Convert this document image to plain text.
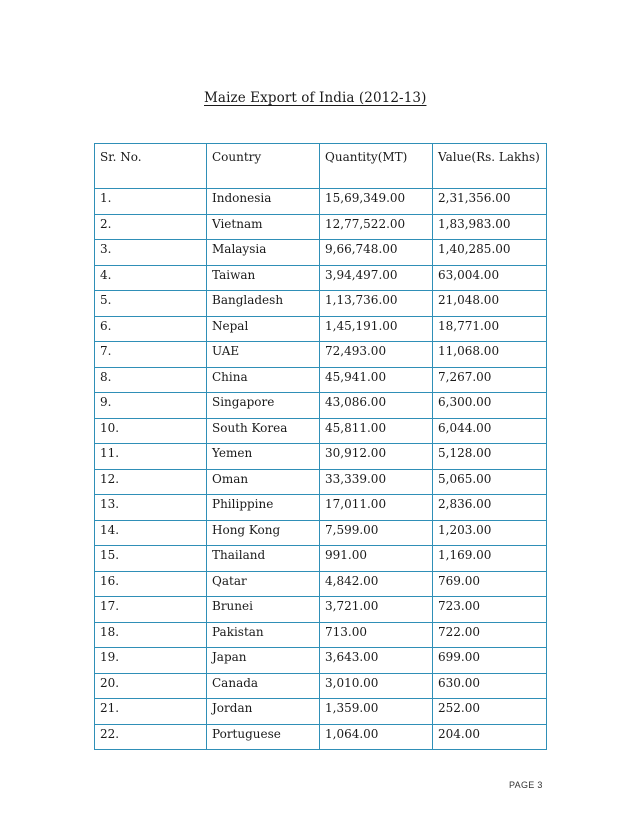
Maize Export of India (2012-13)
Sr. No.	Country	Quantity(MT)	Value(Rs. Lakhs)
1.	Indonesia	15,69,349.00	2,31,356.00
2.	Vietnam	12,77,522.00	1,83,983.00
3.	Malaysia	9,66,748.00	1,40,285.00
4.	Taiwan	3,94,497.00	63,004.00
5.	Bangladesh	1,13,736.00	21,048.00
6.	Nepal	1,45,191.00	18,771.00
7.	UAE	72,493.00	11,068.00
8.	China	45,941.00	7,267.00
9.	Singapore	43,086.00	6,300.00
10.	South Korea	45,811.00	6,044.00
11.	Yemen	30,912.00	5,128.00
12.	Oman	33,339.00	5,065.00
13.	Philippine	17,011.00	2,836.00
14.	Hong Kong	7,599.00	1,203.00
15.	Thailand	991.00	1,169.00
16.	Qatar	4,842.00	769.00
17.	Brunei	3,721.00	723.00
18.	Pakistan	713.00	722.00
19.	Japan	3,643.00	699.00
20.	Canada	3,010.00	630.00
21.	Jordan	1,359.00	252.00
22.	Portuguese	1,064.00	204.00
PAGE 3
